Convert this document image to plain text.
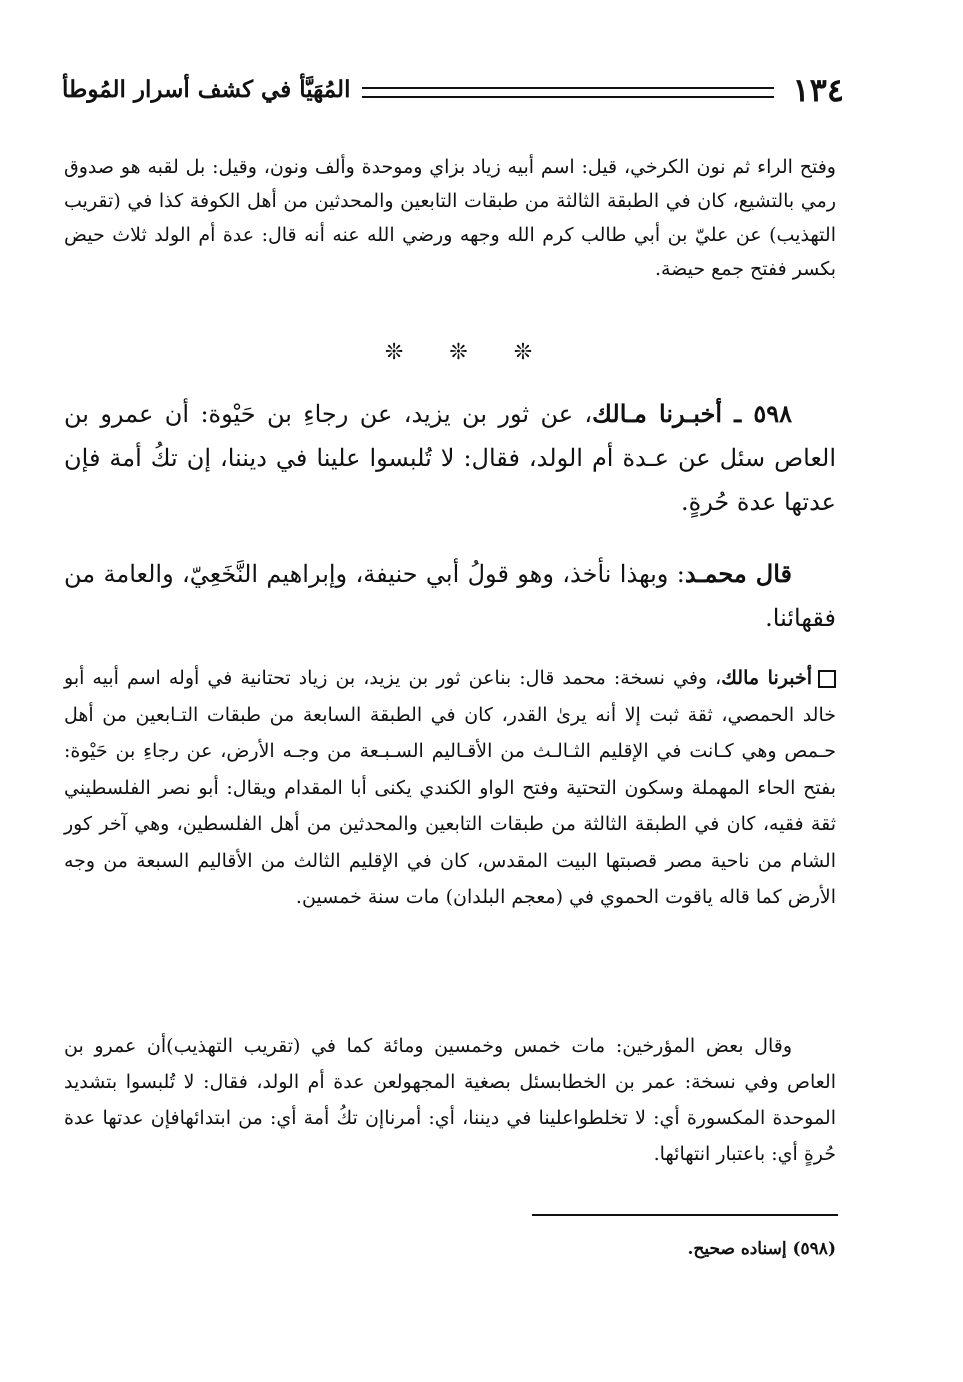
١٣٤
المُهَيَّأ في كشف أسرار المُوطأ

وفتح الراء ثم نون الكرخي، قيل: اسم أبيه زياد بزاي وموحدة وألف ونون، وقيل: بل لقبه هو صدوق رمي بالتشيع، كان في الطبقة الثالثة من طبقات التابعين والمحدثين من أهل الكوفة كذا في (تقريب التهذيب) عن عليّ بن أبي طالب كرم الله وجهه ورضي الله عنه أنه قال: عدة أم الولد ثلاث حيض بكسر ففتح جمع حيضة.

❊❊❊

٥٩٨ ـ أخبـرنا مـالك، عن ثور بن يزيد، عن رجاءِ بن حَيْوة: أن عمرو بن العاص سئل عن عـدة أم الولد، فقال: لا تُلبسوا علينا في ديننا، إن تكُ أمة فإن عدتها عدة حُرةٍ.

قال محمـد: وبهذا نأخذ، وهو قولُ أبي حنيفة، وإبراهيم النَّخَعِيّ، والعامة من فقهائنا.

أخبرنا مالك، وفي نسخة: محمد قال: بناعن ثور بن يزيد، بن زياد تحتانية في أوله اسم أبيه أبو خالد الحمصي، ثقة ثبت إلا أنه يرىٰ القدر، كان في الطبقة السابعة من طبقات التـابعين من أهل حـمص وهي كـانت في الإقليم الثـالـث من الأقـاليم السـبـعة من وجـه الأرض، عن رجاءِ بن حَيْوة: بفتح الحاء المهملة وسكون التحتية وفتح الواو الكندي يكنى أبا المقدام ويقال: أبو نصر الفلسطيني ثقة فقيه، كان في الطبقة الثالثة من طبقات التابعين والمحدثين من أهل الفلسطين، وهي آخر كور الشام من ناحية مصر قصبتها البيت المقدس، كان في الإقليم الثالث من الأقاليم السبعة من وجه الأرض كما قاله ياقوت الحموي في (معجم البلدان) مات سنة خمسين.

وقال بعض المؤرخين: مات خمس وخمسين ومائة كما في (تقريب التهذيب)أن عمرو بن العاص وفي نسخة: عمر بن الخطابسئل بصغية المجهولعن عدة أم الولد، فقال: لا تُلبسوا بتشديد الموحدة المكسورة أي: لا تخلطواعلينا في ديننا، أي: أمرناإن تكُ أمة أي: من ابتدائهافإن عدتها عدة حُرةٍ أي: باعتبار انتهائها.

(٥٩٨) إسناده صحيح.
